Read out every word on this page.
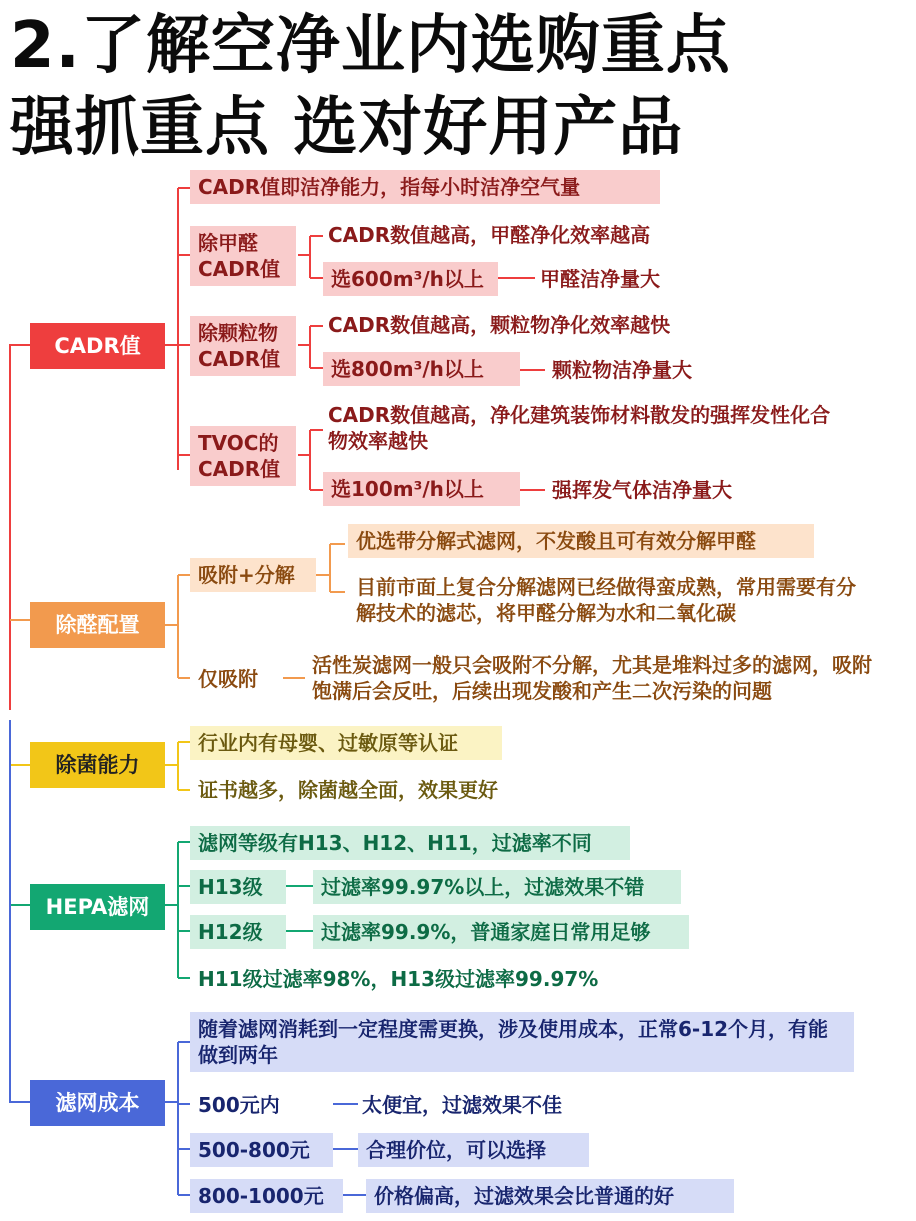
2.了解空净业内选购重点
强抓重点 选对好用产品
CADR值
CADR值即洁净能力，指每小时洁净空气量
除甲醛CADR值
CADR数值越高，甲醛净化效率越高
选600m³/h以上	甲醛洁净量大
除颗粒物CADR值
CADR数值越高，颗粒物净化效率越快
选800m³/h以上	颗粒物洁净量大
TVOC的CADR值
CADR数值越高，净化建筑装饰材料散发的强挥发性化合物效率越快
选100m³/h以上	强挥发气体洁净量大
除醛配置
吸附+分解
优选带分解式滤网，不发酸且可有效分解甲醛
目前市面上复合分解滤网已经做得蛮成熟，常用需要有分解技术的滤芯，将甲醛分解为水和二氧化碳
仅吸附
活性炭滤网一般只会吸附不分解，尤其是堆料过多的滤网，吸附饱满后会反吐，后续出现发酸和产生二次污染的问题
除菌能力
行业内有母婴、过敏原等认证
证书越多，除菌越全面，效果更好
HEPA滤网
滤网等级有H13、H12、H11，过滤率不同
H13级	过滤率99.97%以上，过滤效果不错
H12级	过滤率99.9%，普通家庭日常用足够
H11级过滤率98%，H13级过滤率99.97%
滤网成本
随着滤网消耗到一定程度需更换，涉及使用成本，正常6-12个月，有能做到两年
500元内	太便宜，过滤效果不佳
500-800元	合理价位，可以选择
800-1000元	价格偏高，过滤效果会比普通的好
